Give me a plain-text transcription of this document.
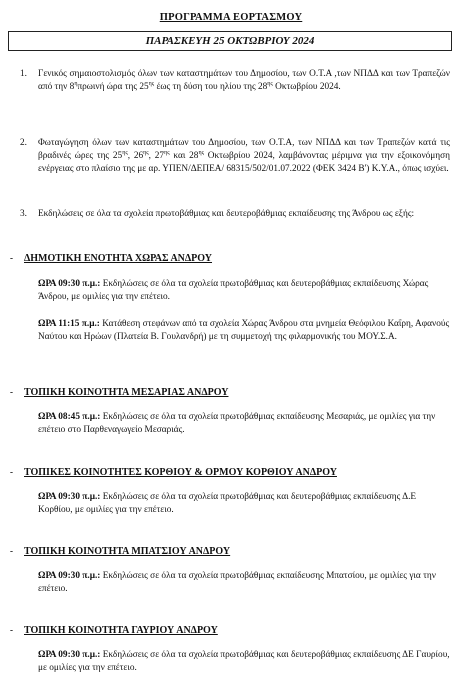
ΠΡΟΓΡΑΜΜΑ ΕΟΡΤΑΣΜΟΥ
ΠΑΡΑΣΚΕΥΗ 25 ΟΚΤΩΒΡΙΟΥ 2024
1. Γενικός σημαιοστολισμός όλων των καταστημάτων του Δημοσίου, των Ο.Τ.Α ,των ΝΠΔΔ και των Τραπεζών από την $8^\eta\pi\rho\omega\iota\nu ή$ ώρα της $25^{\eta\varsigma}$ έως τη δύση του ηλίου της $28^{\eta\varsigma}$ Οκτωβρίου 2024.
2. Φωταγώγηση όλων των καταστημάτων του Δημοσίου, των Ο.Τ.Α, των ΝΠΔΔ και των Τραπεζών κατά τις βραδινές ώρες της $25^{\eta\varsigma}$, $26^{\eta\varsigma}$, $27^{\eta\varsigma}$ και $28^{\eta\varsigma}$ Οκτωβρίου 2024, λαμβάνοντας μέριμνα για την εξοικονόμηση ενέργειας στο πλαίσιο της με αρ. ΥΠΕΝ/ΔΕΠΕΑ/ 68315/502/01.07.2022 (ΦΕΚ 3424 Β') Κ.Υ.Α., όπως ισχύει.
3. Εκδηλώσεις σε όλα τα σχολεία πρωτοβάθμιας και δευτεροβάθμιας εκπαίδευσης της Άνδρου ως εξής:
- ΔΗΜΟΤΙΚΗ ΕΝΟΤΗΤΑ ΧΩΡΑΣ ΑΝΔΡΟΥ
ΩΡΑ 09:30 π.μ.: Εκδηλώσεις σε όλα τα σχολεία πρωτοβάθμιας και δευτεροβάθμιας εκπαίδευσης Χώρας Άνδρου, με ομιλίες για την επέτειο.
ΩΡΑ 11:15 π.μ.: Κατάθεση στεφάνων από τα σχολεία Χώρας Άνδρου στα μνημεία Θεόφιλου Καΐρη, Αφανούς Ναύτου και Ηρώων (Πλατεία Β. Γουλανδρή) με τη συμμετοχή της φιλαρμονικής του ΜΟΥ.Σ.Α.
- ΤΟΠΙΚΗ ΚΟΙΝΟΤΗΤΑ ΜΕΣΑΡΙΑΣ ΑΝΔΡΟΥ
ΩΡΑ 08:45 π.μ.: Εκδηλώσεις σε όλα τα σχολεία πρωτοβάθμιας εκπαίδευσης Μεσαριάς, με ομιλίες για την επέτειο στο Παρθεναγωγείο Μεσαριάς.
- ΤΟΠΙΚΕΣ ΚΟΙΝΟΤΗΤΕΣ ΚΟΡΘΙΟΥ & ΟΡΜΟΥ ΚΟΡΘΙΟΥ ΑΝΔΡΟΥ
ΩΡΑ 09:30 π.μ.: Εκδηλώσεις σε όλα τα σχολεία πρωτοβάθμιας και δευτεροβάθμιας εκπαίδευσης Δ.Ε Κορθίου, με ομιλίες για την επέτειο.
- ΤΟΠΙΚΗ ΚΟΙΝΟΤΗΤΑ ΜΠΑΤΣΙΟΥ ΑΝΔΡΟΥ
ΩΡΑ 09:30 π.μ.: Εκδηλώσεις σε όλα τα σχολεία πρωτοβάθμιας εκπαίδευσης Μπατσίου, με ομιλίες για την επέτειο.
- ΤΟΠΙΚΗ ΚΟΙΝΟΤΗΤΑ ΓΑΥΡΙΟΥ ΑΝΔΡΟΥ
ΩΡΑ 09:30 π.μ.: Εκδηλώσεις σε όλα τα σχολεία πρωτοβάθμιας και δευτεροβάθμιας εκπαίδευσης ΔΕ Γαυρίου, με ομιλίες για την επέτειο.
